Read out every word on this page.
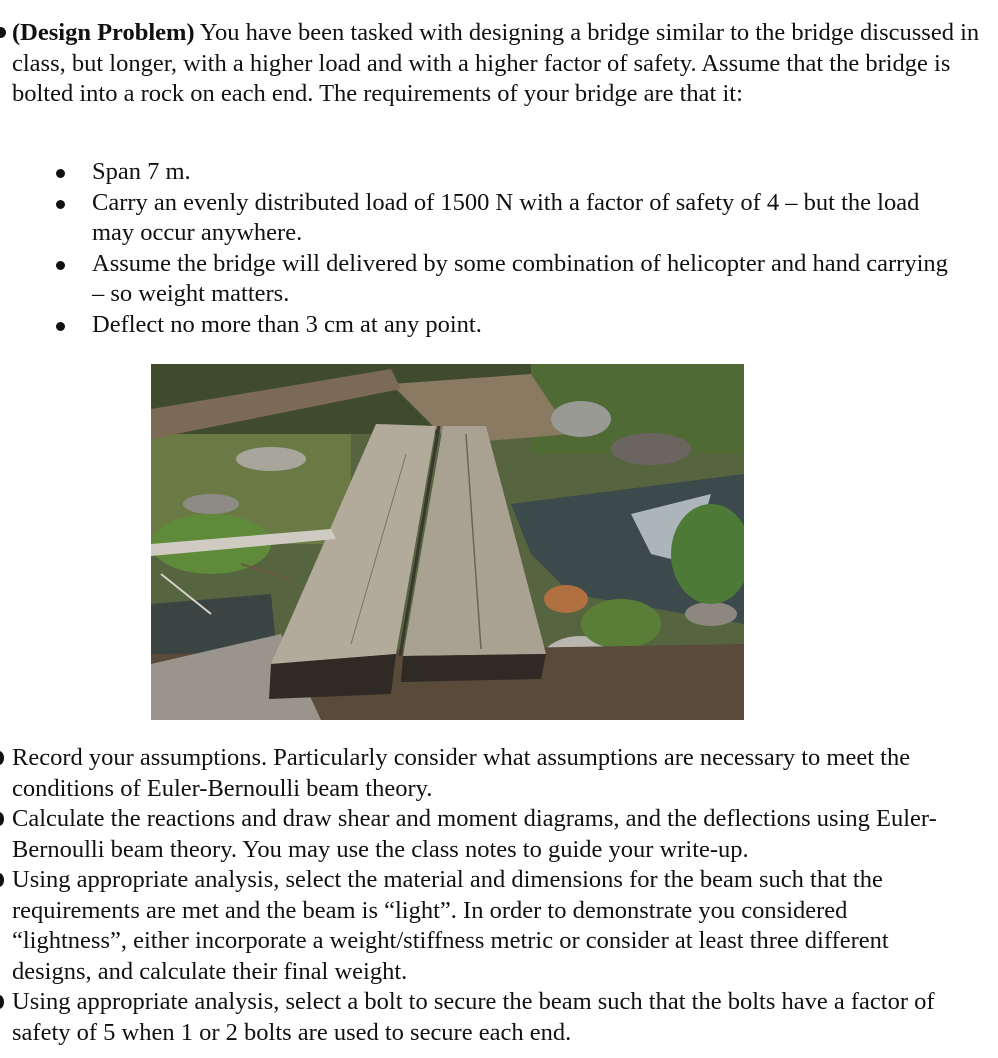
(Design Problem) You have been tasked with designing a bridge similar to the bridge discussed in class, but longer, with a higher load and with a higher factor of safety. Assume that the bridge is bolted into a rock on each end. The requirements of your bridge are that it:
Span 7 m.
Carry an evenly distributed load of 1500 N with a factor of safety of 4 – but the load may occur anywhere.
Assume the bridge will delivered by some combination of helicopter and hand carrying – so weight matters.
Deflect no more than 3 cm at any point.
Record your assumptions. Particularly consider what assumptions are necessary to meet the conditions of Euler-Bernoulli beam theory.
Calculate the reactions and draw shear and moment diagrams, and the deflections using Euler-Bernoulli beam theory. You may use the class notes to guide your write-up.
Using appropriate analysis, select the material and dimensions for the beam such that the requirements are met and the beam is “light”. In order to demonstrate you considered “lightness”, either incorporate a weight/stiffness metric or consider at least three different designs, and calculate their final weight.
Using appropriate analysis, select a bolt to secure the beam such that the bolts have a factor of safety of 5 when 1 or 2 bolts are used to secure each end.
